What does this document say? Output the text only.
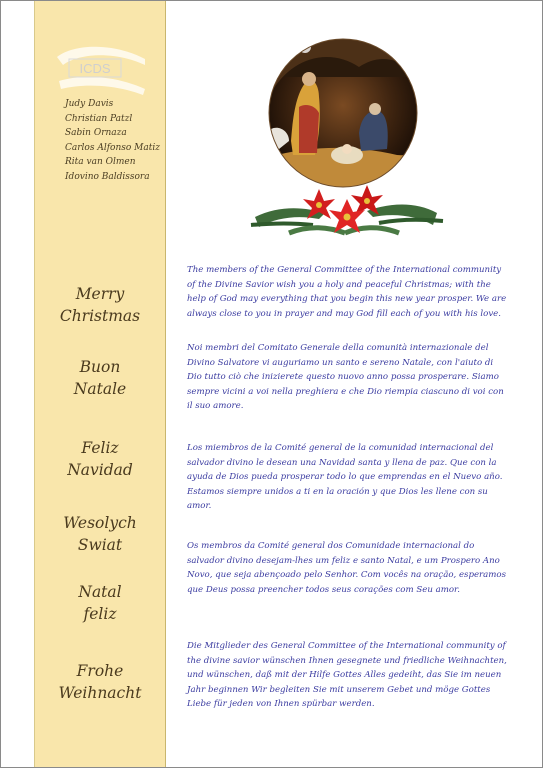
ICDS
Judy Davis
Christian Patzl
Sabin Ornaza
Carlos Alfonso Matiz
Rita van Olmen
Idovino Baldissora
Merry
Christmas
Buon
Natale
Feliz
Navidad
Wesolych
Swiat
Natal
feliz
Frohe
Weihnacht
The members of the General Committee of the International community of the Divine Savior wish you a holy and peaceful Christmas; with the help of God may everything that you begin this new year prosper. We are always close to you in prayer and may God fill each of you with his love.
Noi membri del Comitato Generale della comunità internazionale del Divino Salvatore vi auguriamo un santo e sereno Natale, con l'aiuto di Dio tutto ciò che inizierete questo nuovo anno possa prosperare. Siamo sempre vicini a voi nella preghiera e che Dio riempia ciascuno di voi con il suo amore.
Los miembros de la Comité general de la comunidad internacional del salvador divino le desean una Navidad santa y llena de paz. Que con la ayuda de Dios pueda prosperar todo lo que emprendas en el Nuevo año. Estamos siempre unidos a ti en la oración y que Dios les llene con su amor.
Os membros da Comité general dos Comunidade internacional do salvador divino desejam-lhes um feliz e santo Natal, e um Prospero Ano Novo, que seja abençoado pelo Senhor. Com vocês na oração, esperamos que Deus possa preencher todos seus corações com Seu amor.
Die Mitglieder des General Committee of the International community of the divine savior wünschen Ihnen gesegnete und friedliche Weihnachten, und wünschen, daß mit der Hilfe Gottes Alles gedeiht, das Sie im neuen Jahr beginnen Wir begleiten Sie mit unserem Gebet und möge Gottes Liebe für jeden von Ihnen spürbar werden.
